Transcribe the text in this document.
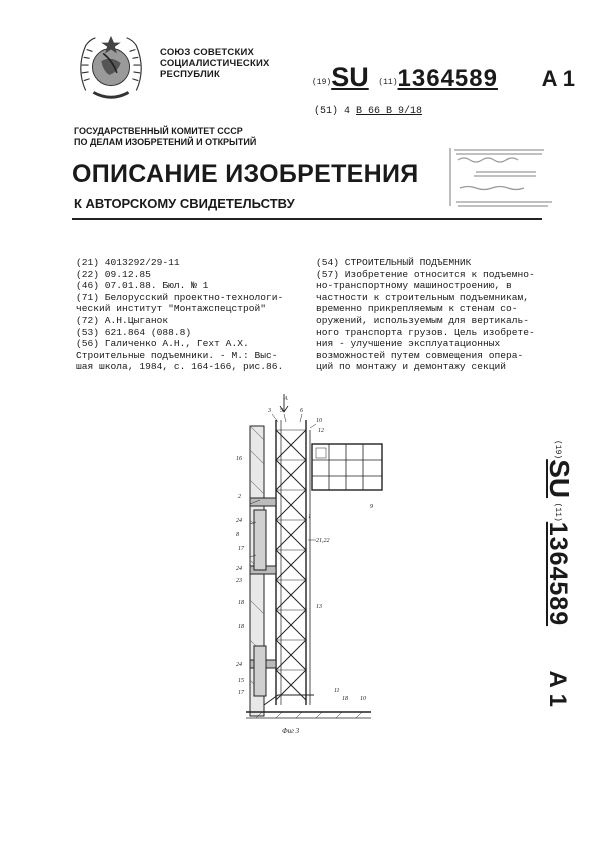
СОЮЗ СОВЕТСКИХ
СОЦИАЛИСТИЧЕСКИХ
РЕСПУБЛИК
(19)SU (11)1364589 A 1
(51) 4 B 66 B 9/18
ГОСУДАРСТВЕННЫЙ КОМИТЕТ СССР
ПО ДЕЛАМ ИЗОБРЕТЕНИЙ И ОТКРЫТИЙ
ОПИСАНИЕ ИЗОБРЕТЕНИЯ
К АВТОРСКОМУ СВИДЕТЕЛЬСТВУ
(21) 4013292/29-11
(22) 09.12.85
(46) 07.01.88. Бюл. № 1
(71) Белорусский проектно-технологи-
ческий институт "Монтажспецстрой"
(72) А.Н.Цыганок
(53) 621.864 (088.8)
(56) Галиченко А.Н., Гехт А.Х.
Строительные подъемники. - М.: Выс-
шая школа, 1984, с. 164-166, рис.86.
(54) СТРОИТЕЛЬНЫЙ ПОДЪЕМНИК
(57) Изобретение относится к подъемно-
но-транспортному машиностроению, в
частности к строительным подъемникам,
временно прикрепляемым к стенам со-
оружений, используемым для вертикаль-
ного транспорта грузов. Цель изобрете-
ния - улучшение эксплуатационных
возможностей путем совмещения опера-
ций по монтажу и демонтажу секций
3 5	6
10
12
16
2
24
8
17
21,22
24
23
18
18
13
24
15
17	11
18 10
1
9
A
Фиг 3
$^{(19)}$SU $^{(11)}$1364589 A 1
